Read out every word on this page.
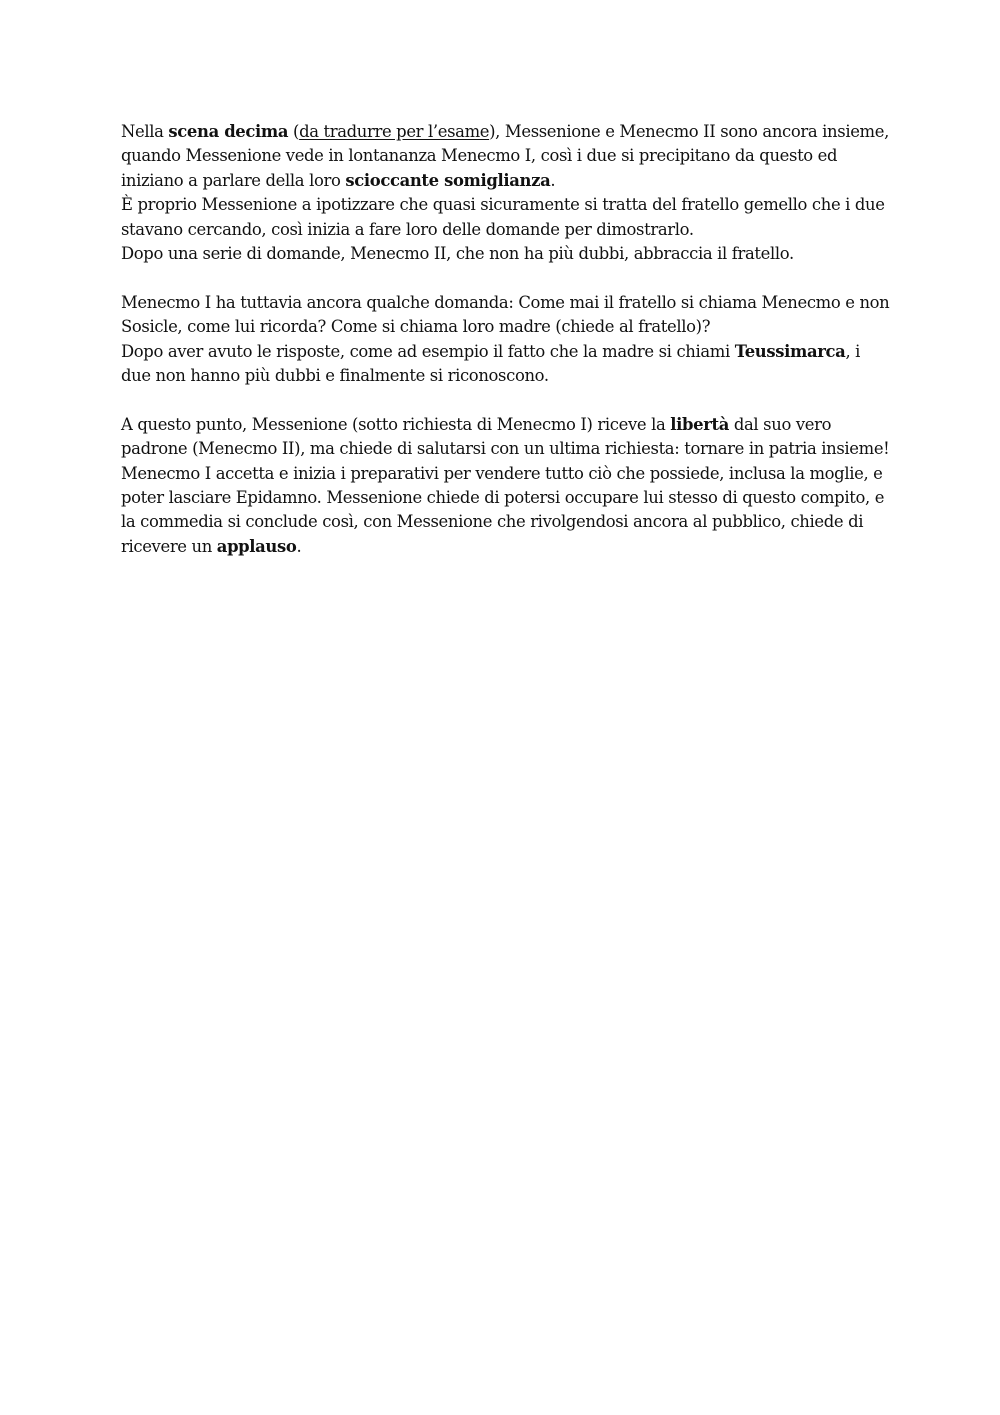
Nella scena decima (da tradurre per l’esame), Messenione e Menecmo II sono ancora insieme, quando Messenione vede in lontananza Menecmo I, così i due si precipitano da questo ed iniziano a parlare della loro scioccante somiglianza.

È proprio Messenione a ipotizzare che quasi sicuramente si tratta del fratello gemello che i due stavano cercando, così inizia a fare loro delle domande per dimostrarlo.

Dopo una serie di domande, Menecmo II, che non ha più dubbi, abbraccia il fratello.

Menecmo I ha tuttavia ancora qualche domanda: Come mai il fratello si chiama Menecmo e non Sosicle, come lui ricorda? Come si chiama loro madre (chiede al fratello)?

Dopo aver avuto le risposte, come ad esempio il fatto che la madre si chiami Teussimarca, i due non hanno più dubbi e finalmente si riconoscono.

A questo punto, Messenione (sotto richiesta di Menecmo I) riceve la libertà dal suo vero padrone (Menecmo II), ma chiede di salutarsi con un ultima richiesta: tornare in patria insieme!

Menecmo I accetta e inizia i preparativi per vendere tutto ciò che possiede, inclusa la moglie, e poter lasciare Epidamno. Messenione chiede di potersi occupare lui stesso di questo compito, e la commedia si conclude così, con Messenione che rivolgendosi ancora al pubblico, chiede di ricevere un applauso.
